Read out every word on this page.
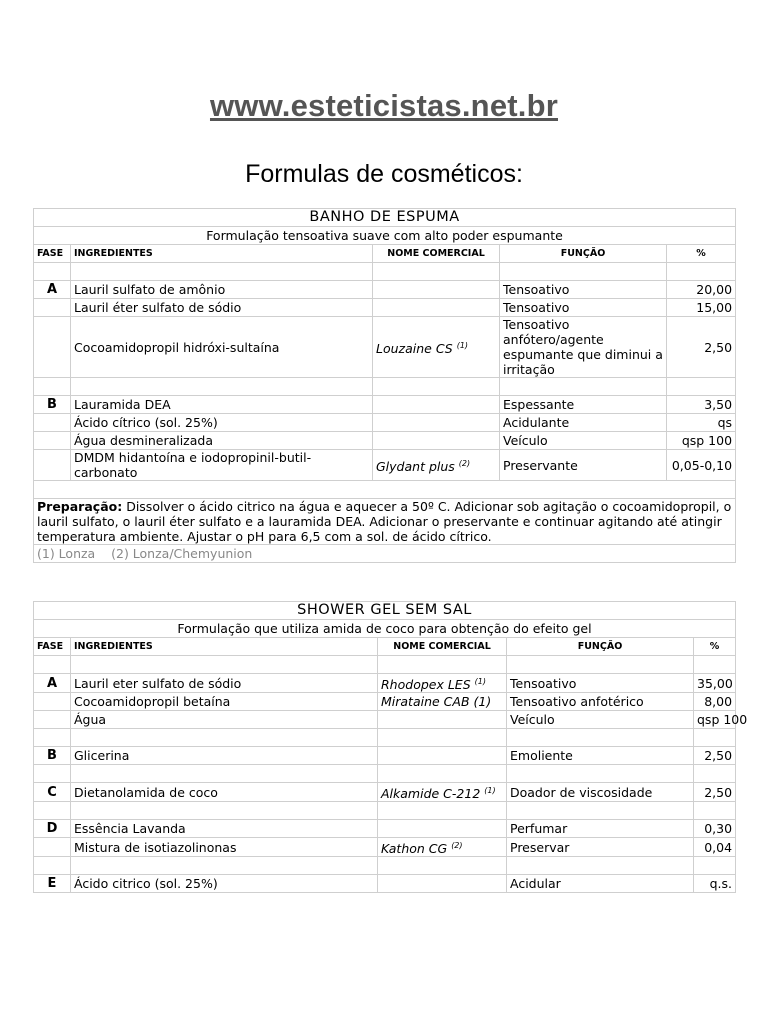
www.esteticistas.net.br
Formulas de cosméticos:
BANHO DE ESPUMA				
Formulação tensoativa suave com alto poder espumante				
FASE	INGREDIENTES	NOME COMERCIAL	FUNÇÃO	%

A	Lauril sulfato de amônio		Tensoativo	20,00
	Lauril éter sulfato de sódio		Tensoativo	15,00
	Cocoamidopropil hidróxi-sultaína	Louzaine CS $^{(1)}$	Tensoativo anfótero/agente espumante que diminui a irritação	2,50

B	Lauramida DEA		Espessante	3,50
	Ácido cítrico (sol. 25%)		Acidulante	qs
	Água desmineralizada		Veículo	qsp 100
	DMDM hidantoína e iodopropinil-butil-carbonato	Glydant plus $^{(2)}$	Preservante	0,05-0,10

Preparação: Dissolver o ácido citrico na água e aquecer a 50º C. Adicionar sob agitação o cocoamidopropil, o lauril sulfato, o lauril éter sulfato e a lauramida DEA. Adicionar o preservante e continuar agitando até atingir temperatura ambiente. Ajustar o pH para 6,5 com a sol. de ácido cítrico.				
(1) Lonza    (2) Lonza/Chemyunion				
SHOWER GEL SEM SAL				
Formulação que utiliza amida de coco para obtenção do efeito gel				
FASE	INGREDIENTES	NOME COMERCIAL	FUNÇÃO	%

A	Lauril eter sulfato de sódio	Rhodopex LES $^{(1)}$	Tensoativo	35,00
	Cocoamidopropil betaína	Mirataine CAB (1)	Tensoativo anfotérico	8,00
	Água		Veículo	qsp 100

B	Glicerina		Emoliente	2,50

C	Dietanolamida de coco	Alkamide C-212 $^{(1)}$	Doador de viscosidade	2,50

D	Essência Lavanda		Perfumar	0,30
	Mistura de isotiazolinonas	Kathon CG $^{(2)}$	Preservar	0,04

E	Ácido citrico (sol. 25%)		Acidular	q.s.
